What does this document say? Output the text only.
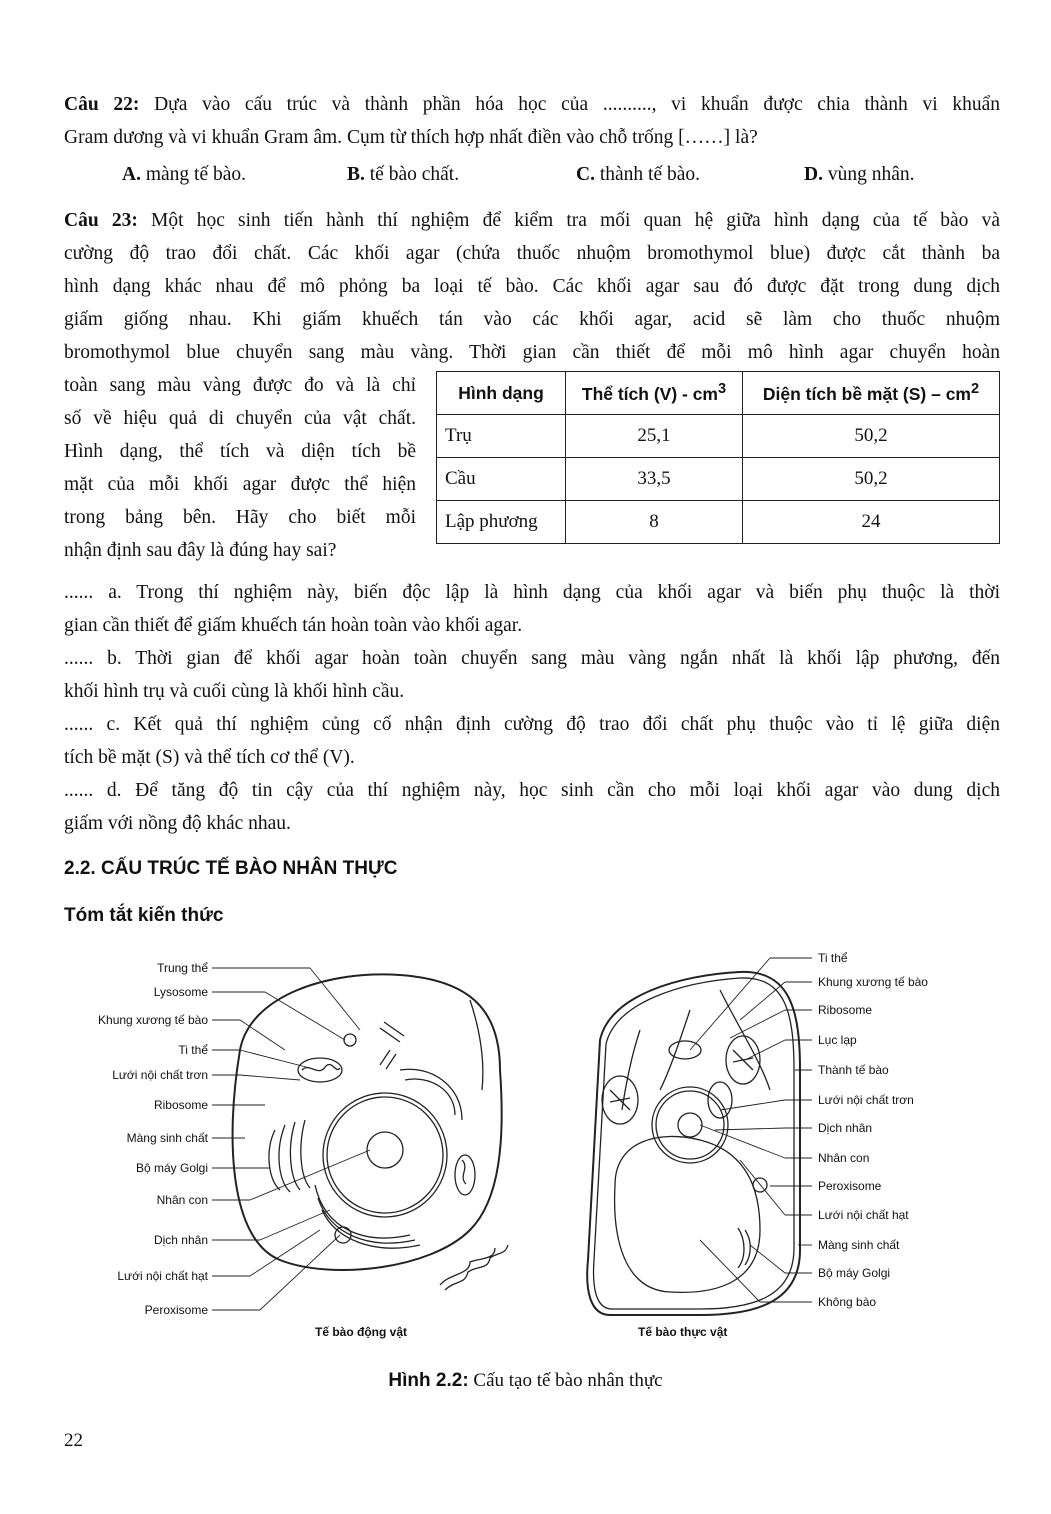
Câu 22: Dựa vào cấu trúc và thành phần hóa học của .........., vi khuẩn được chia thành vi khuẩn

Gram dương và vi khuẩn Gram âm. Cụm từ thích hợp nhất điền vào chỗ trống [……] là?

A. màng tế bào.	B. tế bào chất.	C. thành tế bào.	D. vùng nhân.

Câu 23: Một học sinh tiến hành thí nghiệm để kiểm tra mối quan hệ giữa hình dạng của tế bào và

cường độ trao đổi chất. Các khối agar (chứa thuốc nhuộm bromothymol blue) được cắt thành ba

hình dạng khác nhau để mô phỏng ba loại tế bào. Các khối agar sau đó được đặt trong dung dịch

giấm giống nhau. Khi giấm khuếch tán vào các khối agar, acid sẽ làm cho thuốc nhuộm

bromothymol blue chuyển sang màu vàng. Thời gian cần thiết để mỗi mô hình agar chuyển hoàn

toàn sang màu vàng được đo và là chỉ

số về hiệu quả di chuyển của vật chất.

Hình dạng, thể tích và diện tích bề

mặt của mỗi khối agar được thể hiện

trong bảng bên. Hãy cho biết mỗi

nhận định sau đây là đúng hay sai?

Hình dạng	Thể tích $(V) - cm^3$	Diện tích bề mặt $(S) - cm^2$
Trụ	25,1	50,2
Cầu	33,5	50,2
Lập phương	8	24

...... a. Trong thí nghiệm này, biến độc lập là hình dạng của khối agar và biến phụ thuộc là thời

gian cần thiết để giấm khuếch tán hoàn toàn vào khối agar.

...... b. Thời gian để khối agar hoàn toàn chuyển sang màu vàng ngắn nhất là khối lập phương, đến

khối hình trụ và cuối cùng là khối hình cầu.

...... c. Kết quả thí nghiệm củng cố nhận định cường độ trao đổi chất phụ thuộc vào tỉ lệ giữa diện

tích bề mặt (S) và thể tích cơ thể (V).

...... d. Để tăng độ tin cậy của thí nghiệm này, học sinh cần cho mỗi loại khối agar vào dung dịch

giấm với nồng độ khác nhau.

2.2. CẤU TRÚC TẾ BÀO NHÂN THỰC
Tóm tắt kiến thức
Trung thể
Lysosome
Khung xương tế bào
Ti thể
Lưới nội chất trơn
Ribosome
Màng sinh chất
Bộ máy Golgi
Nhân con
Dịch nhân
Lưới nội chất hạt
Peroxisome
Ti thể
Khung xương tế bào
Ribosome
Lục lạp
Thành tế bào
Lưới nội chất trơn
Dịch nhân
Nhân con
Peroxisome
Lưới nội chất hạt
Màng sinh chất
Bộ máy Golgi
Không bào
Tế bào động vật	Tế bào thực vật
Hình 2.2: Cấu tạo tế bào nhân thực
22
